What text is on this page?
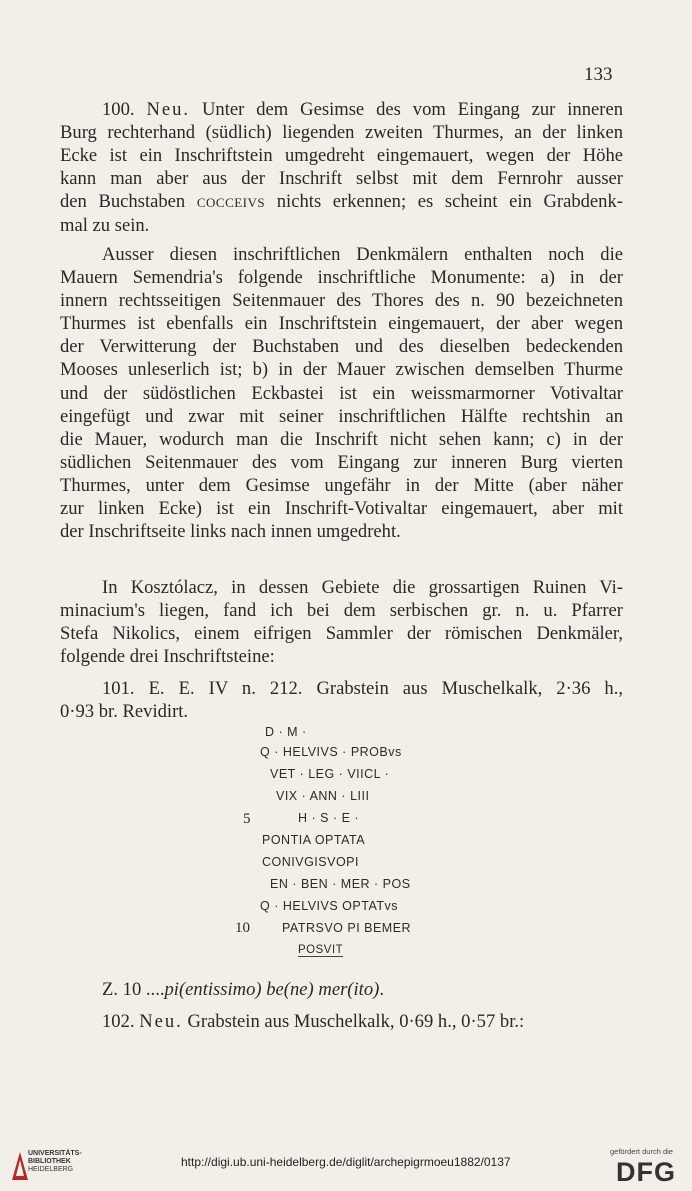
133
100. Neu. Unter dem Gesimse des vom Eingang zur inneren
Burg rechterhand (südlich) liegenden zweiten Thurmes, an der linken
Ecke ist ein Inschriftstein umgedreht eingemauert, wegen der Höhe
kann man aber aus der Inschrift selbst mit dem Fernrohr ausser
den Buchstaben COCCEIVS nichts erkennen; es scheint ein Grabdenk-
mal zu sein.
Ausser diesen inschriftlichen Denkmälern enthalten noch die
Mauern Semendria's folgende inschriftliche Monumente: a) in der
innern rechtsseitigen Seitenmauer des Thores des n. 90 bezeichneten
Thurmes ist ebenfalls ein Inschriftstein eingemauert, der aber wegen
der Verwitterung der Buchstaben und des dieselben bedeckenden
Mooses unleserlich ist; b) in der Mauer zwischen demselben Thurme
und der südöstlichen Eckbastei ist ein weissmarmorner Votivaltar
eingefügt und zwar mit seiner inschriftlichen Hälfte rechtshin an
die Mauer, wodurch man die Inschrift nicht sehen kann; c) in der
südlichen Seitenmauer des vom Eingang zur inneren Burg vierten
Thurmes, unter dem Gesimse ungefähr in der Mitte (aber näher
zur linken Ecke) ist ein Inschrift-Votivaltar eingemauert, aber mit
der Inschriftseite links nach innen umgedreht.
In Kosztólacz, in dessen Gebiete die grossartigen Ruinen Vi-
minacium's liegen, fand ich bei dem serbischen gr. n. u. Pfarrer
Stefa Nikolics, einem eifrigen Sammler der römischen Denkmäler,
folgende drei Inschriftsteine:
101. E. E. IV n. 212. Grabstein aus Muschelkalk, 2·36 h.,
0·93 br. Revidirt.
D · M ·
Q · HELVIVS · PROBvs
VET · LEG · VIICL ·
VIX · ANN · LIII
H · S · E ·
PONTIA OPTATA
CONIVGISVOPI
EN · BEN · MER · POS
Q · HELVIVS OPTATvs
PATRSVO PI BEMER
POSVIT
5
10
Z. 10 ....pi(entissimo) be(ne) mer(ito).
102. Neu. Grabstein aus Muschelkalk, 0·69 h., 0·57 br.:
UNIVERSITÄTS-
BIBLIOTHEK
HEIDELBERG
http://digi.ub.uni-heidelberg.de/diglit/archepigrmoeu1882/0137
gefördert durch die
DFG
